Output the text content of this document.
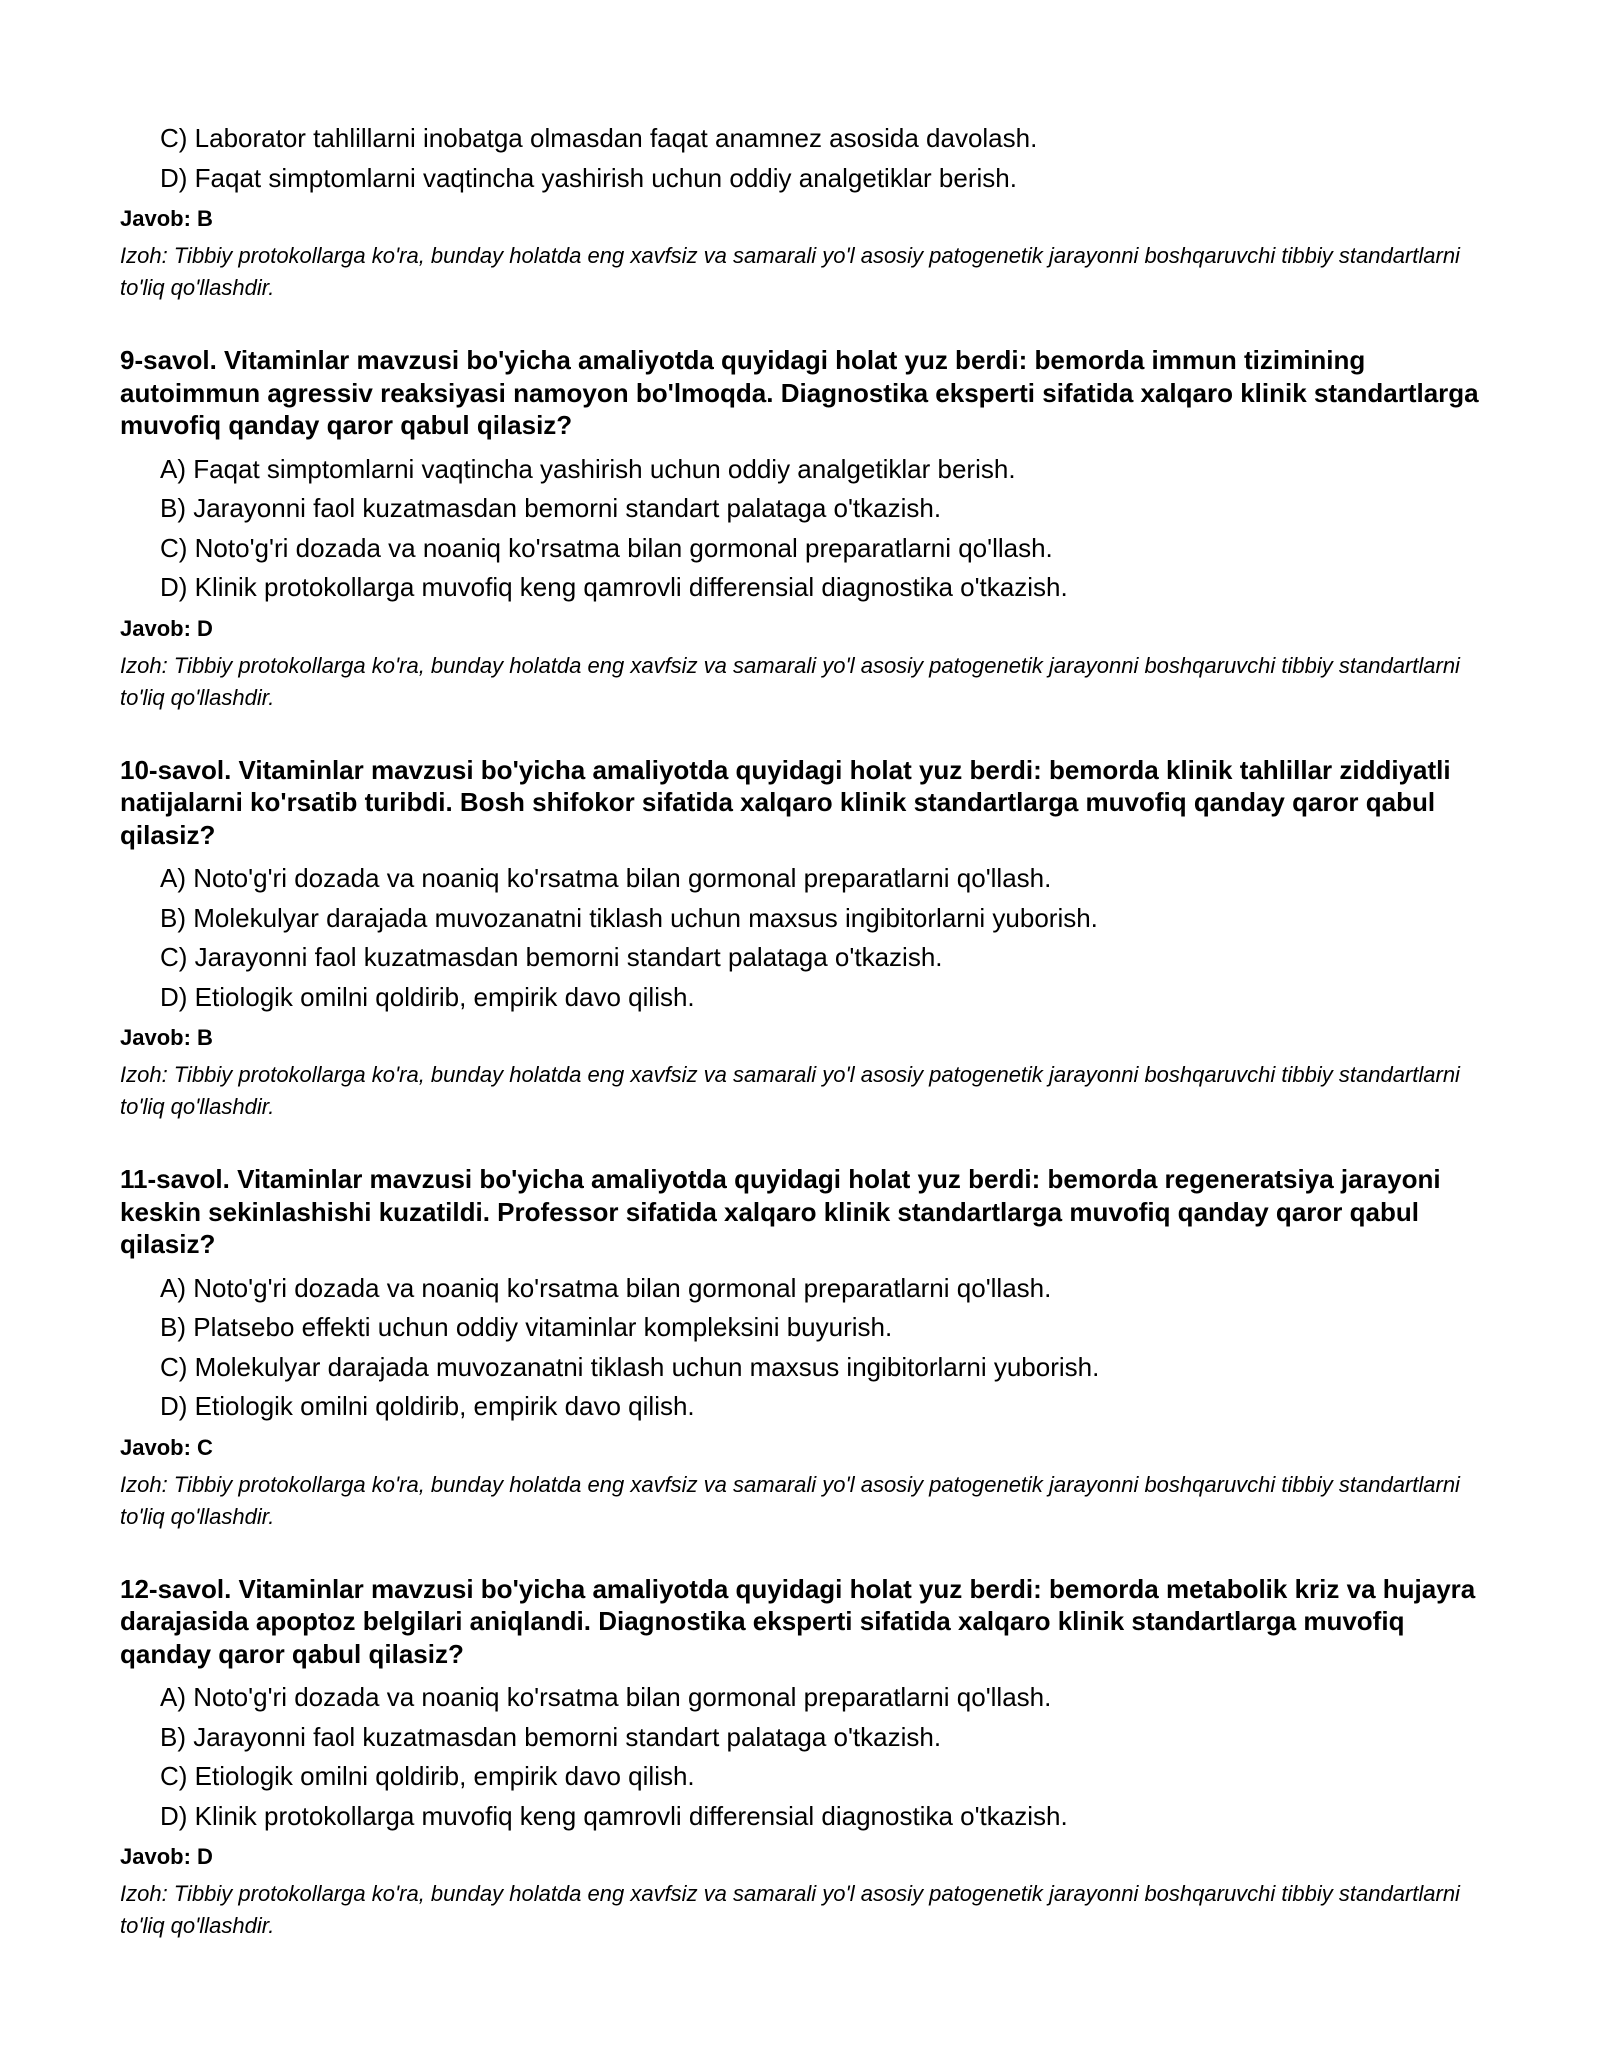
C) Laborator tahlillarni inobatga olmasdan faqat anamnez asosida davolash.
D) Faqat simptomlarni vaqtincha yashirish uchun oddiy analgetiklar berish.
Javob: B
Izoh: Tibbiy protokollarga ko'ra, bunday holatda eng xavfsiz va samarali yo'l asosiy patogenetik jarayonni boshqaruvchi tibbiy standartlarni to'liq qo'llashdir.
9-savol. Vitaminlar mavzusi bo'yicha amaliyotda quyidagi holat yuz berdi: bemorda immun tizimining autoimmun agressiv reaksiyasi namoyon bo'lmoqda. Diagnostika eksperti sifatida xalqaro klinik standartlarga muvofiq qanday qaror qabul qilasiz?
A) Faqat simptomlarni vaqtincha yashirish uchun oddiy analgetiklar berish.
B) Jarayonni faol kuzatmasdan bemorni standart palataga o'tkazish.
C) Noto'g'ri dozada va noaniq ko'rsatma bilan gormonal preparatlarni qo'llash.
D) Klinik protokollarga muvofiq keng qamrovli differensial diagnostika o'tkazish.
Javob: D
Izoh: Tibbiy protokollarga ko'ra, bunday holatda eng xavfsiz va samarali yo'l asosiy patogenetik jarayonni boshqaruvchi tibbiy standartlarni to'liq qo'llashdir.
10-savol. Vitaminlar mavzusi bo'yicha amaliyotda quyidagi holat yuz berdi: bemorda klinik tahlillar ziddiyatli natijalarni ko'rsatib turibdi. Bosh shifokor sifatida xalqaro klinik standartlarga muvofiq qanday qaror qabul qilasiz?
A) Noto'g'ri dozada va noaniq ko'rsatma bilan gormonal preparatlarni qo'llash.
B) Molekulyar darajada muvozanatni tiklash uchun maxsus ingibitorlarni yuborish.
C) Jarayonni faol kuzatmasdan bemorni standart palataga o'tkazish.
D) Etiologik omilni qoldirib, empirik davo qilish.
Javob: B
Izoh: Tibbiy protokollarga ko'ra, bunday holatda eng xavfsiz va samarali yo'l asosiy patogenetik jarayonni boshqaruvchi tibbiy standartlarni to'liq qo'llashdir.
11-savol. Vitaminlar mavzusi bo'yicha amaliyotda quyidagi holat yuz berdi: bemorda regeneratsiya jarayoni keskin sekinlashishi kuzatildi. Professor sifatida xalqaro klinik standartlarga muvofiq qanday qaror qabul qilasiz?
A) Noto'g'ri dozada va noaniq ko'rsatma bilan gormonal preparatlarni qo'llash.
B) Platsebo effekti uchun oddiy vitaminlar kompleksini buyurish.
C) Molekulyar darajada muvozanatni tiklash uchun maxsus ingibitorlarni yuborish.
D) Etiologik omilni qoldirib, empirik davo qilish.
Javob: C
Izoh: Tibbiy protokollarga ko'ra, bunday holatda eng xavfsiz va samarali yo'l asosiy patogenetik jarayonni boshqaruvchi tibbiy standartlarni to'liq qo'llashdir.
12-savol. Vitaminlar mavzusi bo'yicha amaliyotda quyidagi holat yuz berdi: bemorda metabolik kriz va hujayra darajasida apoptoz belgilari aniqlandi. Diagnostika eksperti sifatida xalqaro klinik standartlarga muvofiq qanday qaror qabul qilasiz?
A) Noto'g'ri dozada va noaniq ko'rsatma bilan gormonal preparatlarni qo'llash.
B) Jarayonni faol kuzatmasdan bemorni standart palataga o'tkazish.
C) Etiologik omilni qoldirib, empirik davo qilish.
D) Klinik protokollarga muvofiq keng qamrovli differensial diagnostika o'tkazish.
Javob: D
Izoh: Tibbiy protokollarga ko'ra, bunday holatda eng xavfsiz va samarali yo'l asosiy patogenetik jarayonni boshqaruvchi tibbiy standartlarni to'liq qo'llashdir.
